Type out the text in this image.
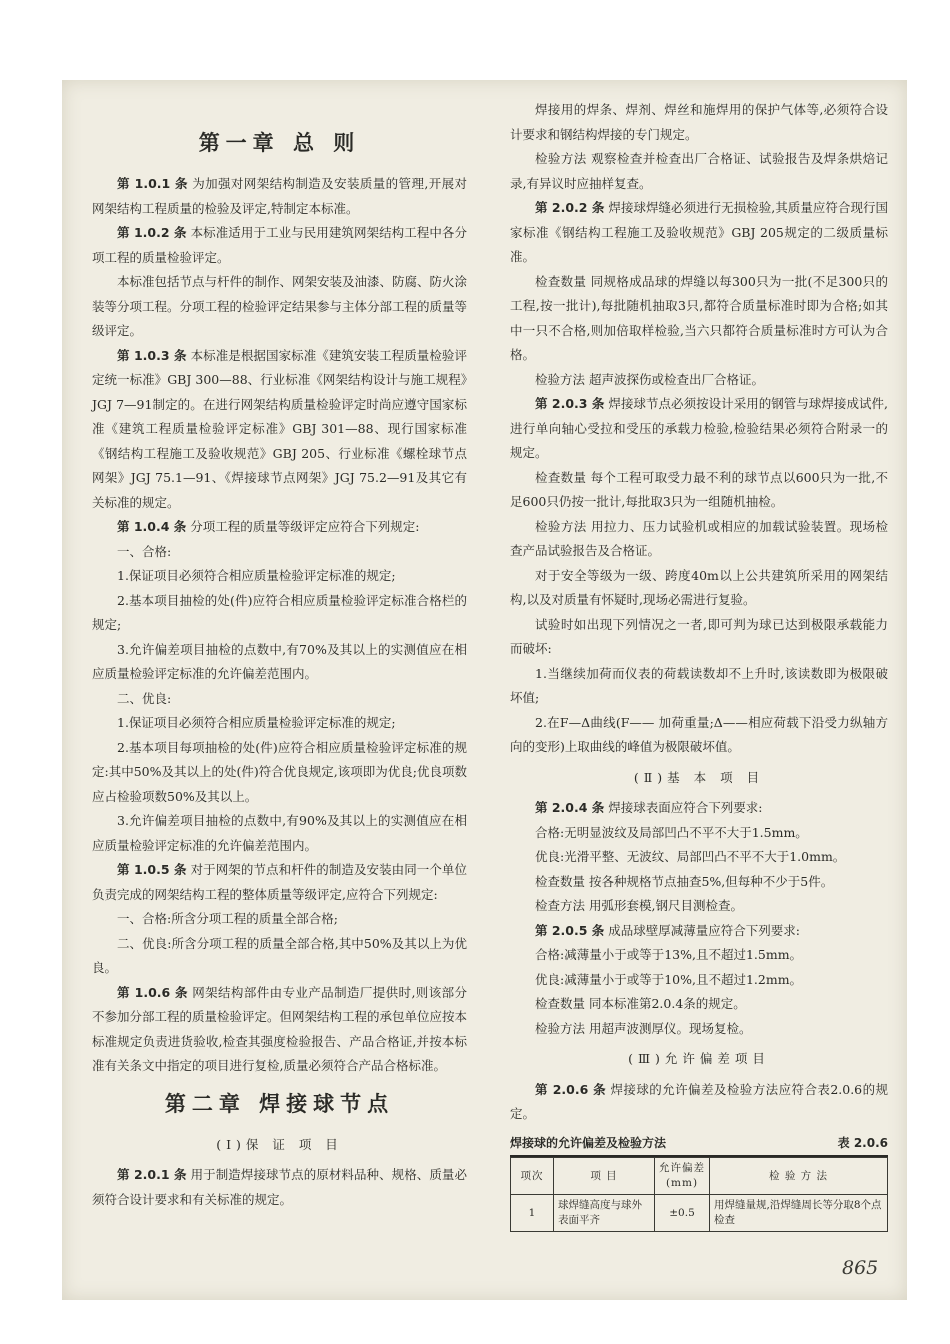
第一章 总 则

第 1.0.1 条 为加强对网架结构制造及安装质量的管理,开展对网架结构工程质量的检验及评定,特制定本标准。

第 1.0.2 条 本标准适用于工业与民用建筑网架结构工程中各分项工程的质量检验评定。

本标准包括节点与杆件的制作、网架安装及油漆、防腐、防火涂装等分项工程。分项工程的检验评定结果参与主体分部工程的质量等级评定。

第 1.0.3 条 本标准是根据国家标准《建筑安装工程质量检验评定统一标准》GBJ 300—88、行业标准《网架结构设计与施工规程》JGJ 7—91制定的。在进行网架结构质量检验评定时尚应遵守国家标准《建筑工程质量检验评定标准》GBJ 301—88、现行国家标准《钢结构工程施工及验收规范》GBJ 205、行业标准《螺栓球节点网架》JGJ 75.1—91、《焊接球节点网架》JGJ 75.2—91及其它有关标准的规定。

第 1.0.4 条 分项工程的质量等级评定应符合下列规定:

一、合格:

1.保证项目必须符合相应质量检验评定标准的规定;

2.基本项目抽检的处(件)应符合相应质量检验评定标准合格栏的规定;

3.允许偏差项目抽检的点数中,有70%及其以上的实测值应在相应质量检验评定标准的允许偏差范围内。

二、优良:

1.保证项目必须符合相应质量检验评定标准的规定;

2.基本项目每项抽检的处(件)应符合相应质量检验评定标准的规定:其中50%及其以上的处(件)符合优良规定,该项即为优良;优良项数应占检验项数50%及其以上。

3.允许偏差项目抽检的点数中,有90%及其以上的实测值应在相应质量检验评定标准的允许偏差范围内。

第 1.0.5 条 对于网架的节点和杆件的制造及安装由同一个单位负责完成的网架结构工程的整体质量等级评定,应符合下列规定:

一、合格:所含分项工程的质量全部合格;

二、优良:所含分项工程的质量全部合格,其中50%及其以上为优良。

第 1.0.6 条 网架结构部件由专业产品制造厂提供时,则该部分不参加分部工程的质量检验评定。但网架结构工程的承包单位应按本标准规定负责进货验收,检查其强度检验报告、产品合格证,并按本标准有关条文中指定的项目进行复检,质量必须符合产品合格标准。

第二章 焊接球节点

(Ⅰ)保 证 项 目

第 2.0.1 条 用于制造焊接球节点的原材料品种、规格、质量必须符合设计要求和有关标准的规定。

焊接用的焊条、焊剂、焊丝和施焊用的保护气体等,必须符合设计要求和钢结构焊接的专门规定。

检验方法 观察检查并检查出厂合格证、试验报告及焊条烘焙记录,有异议时应抽样复查。

第 2.0.2 条 焊接球焊缝必须进行无损检验,其质量应符合现行国家标准《钢结构工程施工及验收规范》GBJ 205规定的二级质量标准。

检查数量 同规格成品球的焊缝以每300只为一批(不足300只的工程,按一批计),每批随机抽取3只,都符合质量标准时即为合格;如其中一只不合格,则加倍取样检验,当六只都符合质量标准时方可认为合格。

检验方法 超声波探伤或检查出厂合格证。

第 2.0.3 条 焊接球节点必须按设计采用的钢管与球焊接成试件,进行单向轴心受拉和受压的承载力检验,检验结果必须符合附录一的规定。

检查数量 每个工程可取受力最不利的球节点以600只为一批,不足600只仍按一批计,每批取3只为一组随机抽检。

检验方法 用拉力、压力试验机或相应的加载试验装置。现场检查产品试验报告及合格证。

对于安全等级为一级、跨度40m以上公共建筑所采用的网架结构,以及对质量有怀疑时,现场必需进行复验。

试验时如出现下列情况之一者,即可判为球已达到极限承载能力而破坏:

1.当继续加荷而仪表的荷载读数却不上升时,该读数即为极限破坏值;

2.在F—Δ曲线(F—— 加荷重量;Δ——相应荷载下沿受力纵轴方向的变形)上取曲线的峰值为极限破坏值。

(Ⅱ)基 本 项 目

第 2.0.4 条 焊接球表面应符合下列要求:

合格:无明显波纹及局部凹凸不平不大于1.5mm。

优良:光滑平整、无波纹、局部凹凸不平不大于1.0mm。

检查数量 按各种规格节点抽查5%,但每种不少于5件。

检查方法 用弧形套模,钢尺目测检查。

第 2.0.5 条 成品球壁厚减薄量应符合下列要求:

合格:减薄量小于或等于13%,且不超过1.5mm。

优良:减薄量小于或等于10%,且不超过1.2mm。

检查数量 同本标准第2.0.4条的规定。

检验方法 用超声波测厚仪。现场复检。

(Ⅲ)允许偏差项目

第 2.0.6 条 焊接球的允许偏差及检验方法应符合表2.0.6的规定。

焊接球的允许偏差及检验方法	表 2.0.6
项次	项 目	允许偏差(mm)	检 验 方 法
1	球焊缝高度与球外表面平齐	±0.5	用焊缝量规,沿焊缝周长等分取8个点检查
865
